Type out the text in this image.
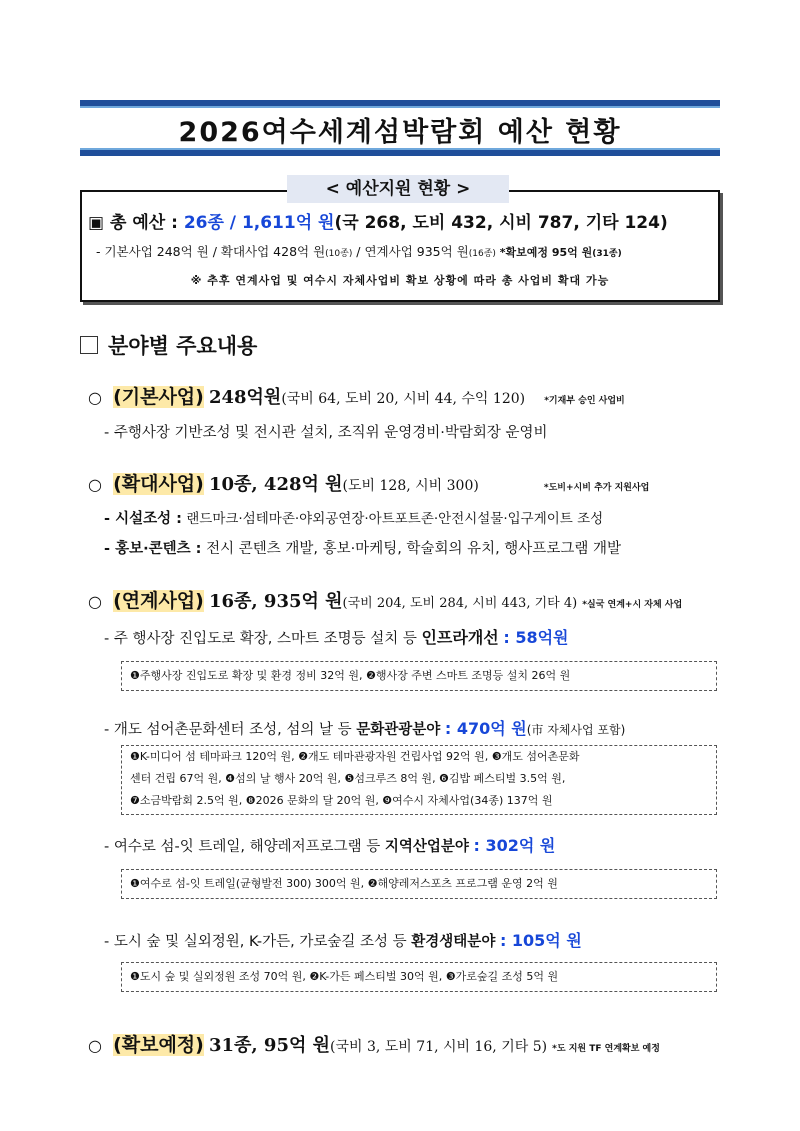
2026여수세계섬박람회 예산 현황
< 예산지원 현황 >
▣ 총 예산 : 26종 / 1,611억 원(국 268, 도비 432, 시비 787, 기타 124)
- 기본사업 248억 원 / 확대사업 428억 원(10종) / 연계사업 935억 원(16종) *확보예정 95억 원(31종)
※ 추후 연계사업 및 여수시 자체사업비 확보 상황에 따라 총 사업비 확대 가능
분야별 주요내용
○ (기본사업) 248억원(국비 64, 도비 20, 시비 44, 수익 120) *기재부 승인 사업비
- 주행사장 기반조성 및 전시관 설치, 조직위 운영경비·박람회장 운영비
○ (확대사업) 10종, 428억 원(도비 128, 시비 300)	*도비+시비 추가 지원사업
- 시설조성 : 랜드마크·섬테마존·야외공연장·아트포트존·안전시설물·입구게이트 조성
- 홍보·콘텐츠 : 전시 콘텐츠 개발, 홍보·마케팅, 학술회의 유치, 행사프로그램 개발
○ (연계사업) 16종, 935억 원(국비 204, 도비 284, 시비 443, 기타 4) *실국 연계+시 자체 사업
- 주 행사장 진입도로 확장, 스마트 조명등 설치 등 인프라개선 : 58억원
❶주행사장 진입도로 확장 및 환경 정비 32억 원, ❷행사장 주변 스마트 조명등 설치 26억 원
- 개도 섬어촌문화센터 조성, 섬의 날 등 문화관광분야 : 470억 원(市 자체사업 포함)
❶K-미디어 섬 테마파크 120억 원, ❷개도 테마관광자원 건립사업 92억 원, ❸개도 섬어촌문화
센터 건립 67억 원, ❹섬의 날 행사 20억 원, ❺섬크루즈 8억 원, ❻김밥 페스티벌 3.5억 원,
❼소금박람회 2.5억 원, ❽2026 문화의 달 20억 원, ❾여수시 자체사업(34종) 137억 원
- 여수로 섬-잇 트레일, 해양레저프로그램 등 지역산업분야 : 302억 원
❶여수로 섬-잇 트레일(균형발전 300) 300억 원, ❷해양레저스포츠 프로그램 운영 2억 원
- 도시 숲 및 실외정원, K-가든, 가로숲길 조성 등 환경생태분야 : 105억 원
❶도시 숲 및 실외정원 조성 70억 원, ❷K-가든 페스티벌 30억 원, ❸가로숲길 조성 5억 원
○ (확보예정) 31종, 95억 원(국비 3, 도비 71, 시비 16, 기타 5) *도 지원 TF 연계확보 예정
